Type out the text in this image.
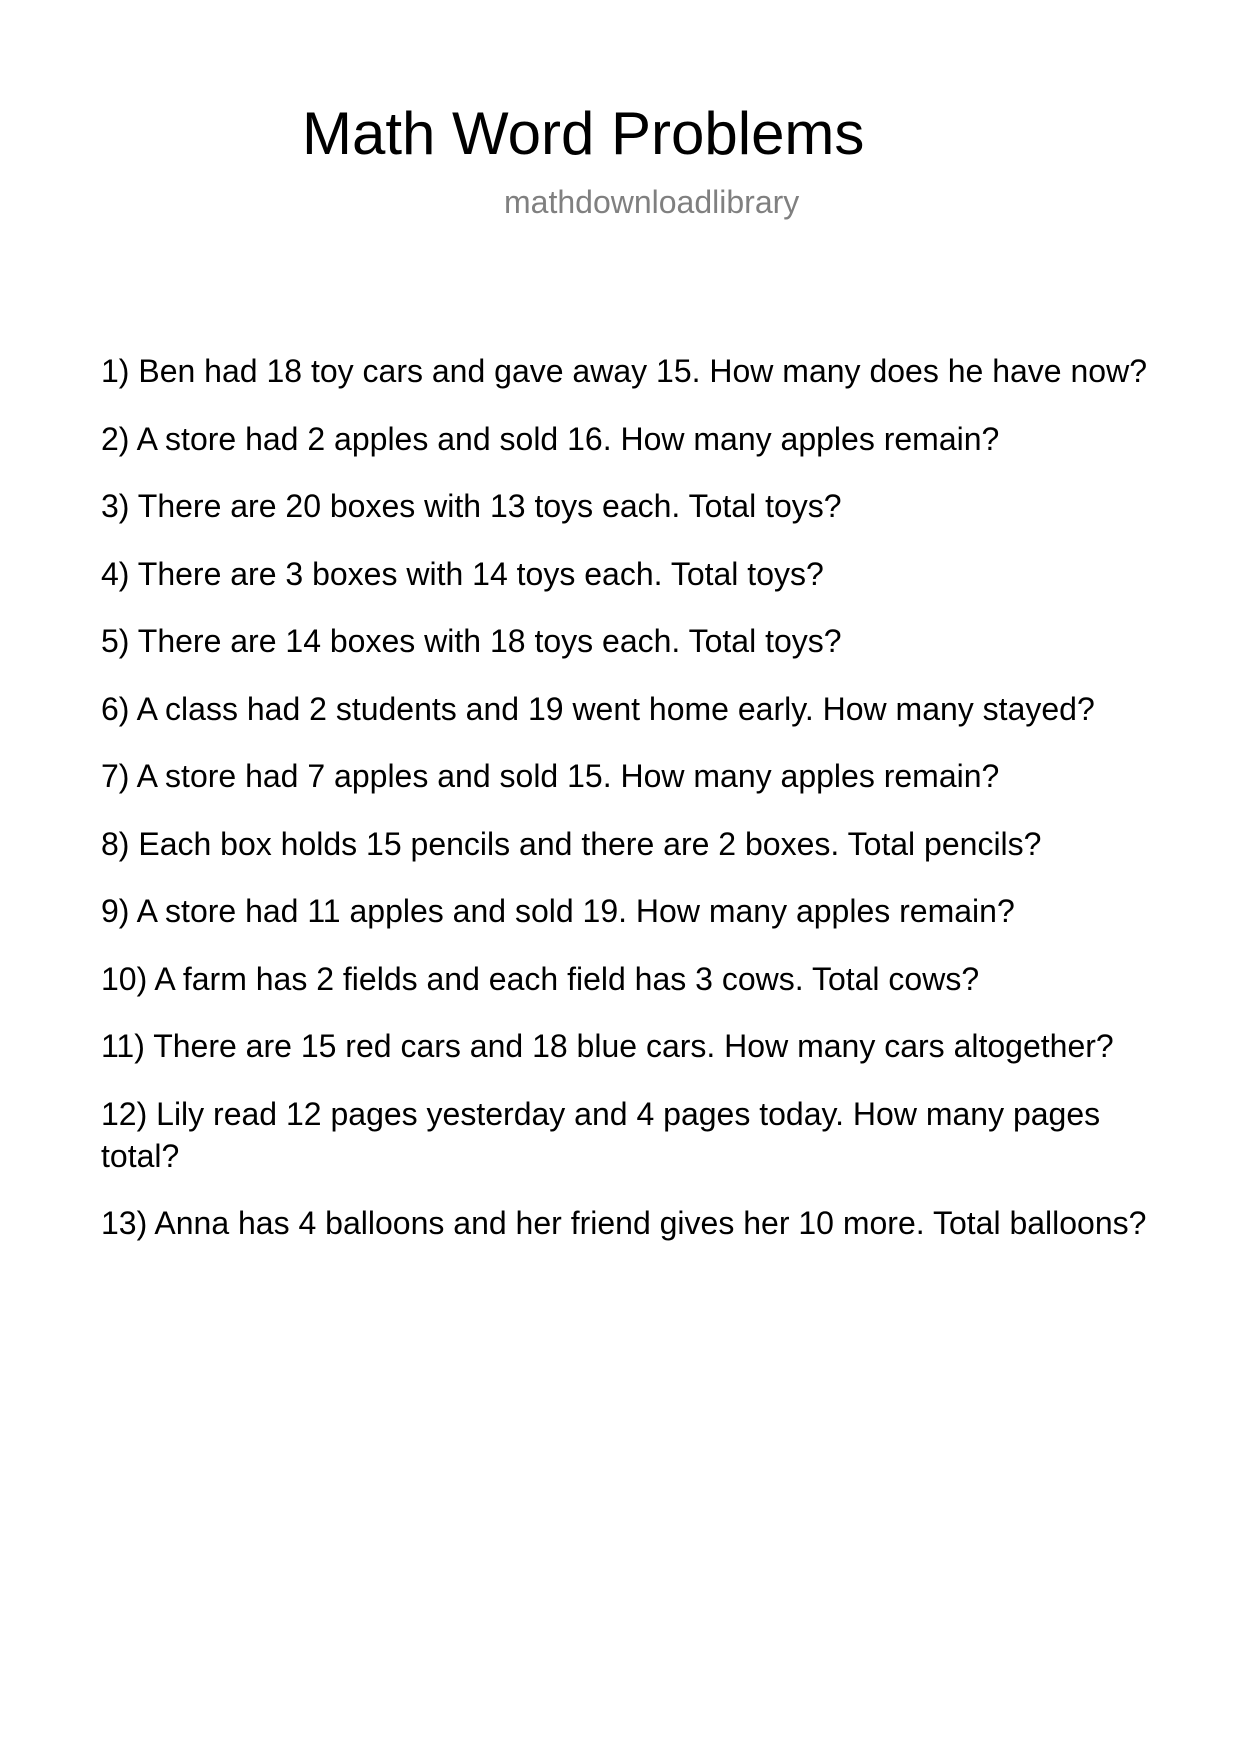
Math Word Problems
mathdownloadlibrary

1) Ben had 18 toy cars and gave away 15. How many does he have now?

2) A store had 2 apples and sold 16. How many apples remain?

3) There are 20 boxes with 13 toys each. Total toys?

4) There are 3 boxes with 14 toys each. Total toys?

5) There are 14 boxes with 18 toys each. Total toys?

6) A class had 2 students and 19 went home early. How many stayed?

7) A store had 7 apples and sold 15. How many apples remain?

8) Each box holds 15 pencils and there are 2 boxes. Total pencils?

9) A store had 11 apples and sold 19. How many apples remain?

10) A farm has 2 fields and each field has 3 cows. Total cows?

11) There are 15 red cars and 18 blue cars. How many cars altogether?

12) Lily read 12 pages yesterday and 4 pages today. How many pages total?

13) Anna has 4 balloons and her friend gives her 10 more. Total balloons?
